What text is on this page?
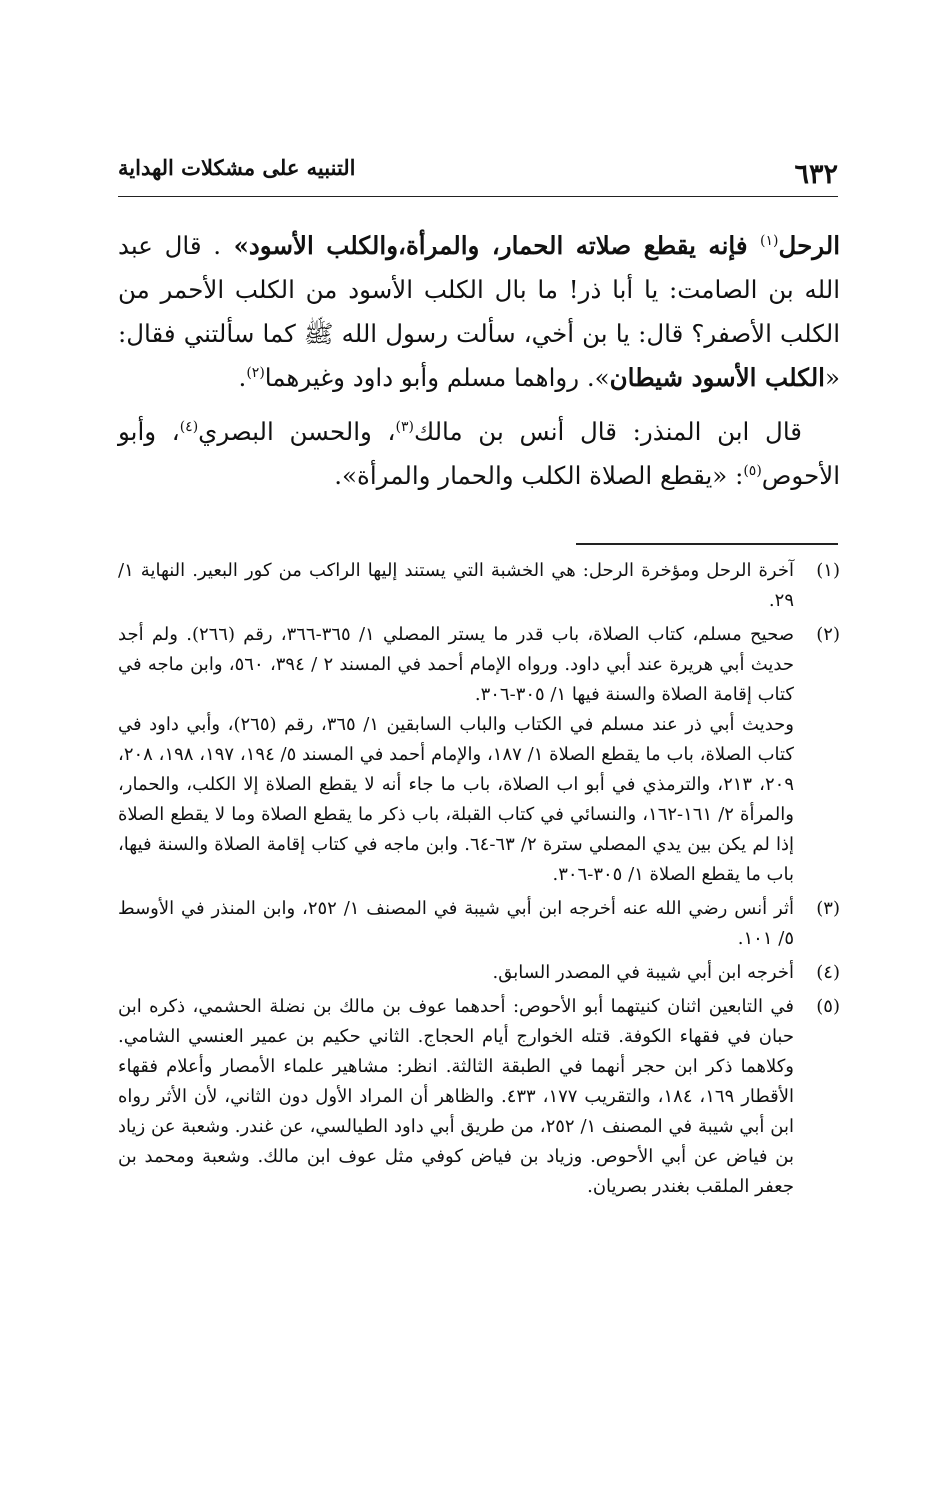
٦٣٢
التنبيه على مشكلات الهداية

الرحل$^{(١)}$ فإنه يقطع صلاته الحمار، والمرأة،والكلب الأسود» . قال عبد الله بن الصامت: يا أبا ذر! ما بال الكلب الأسود من الكلب الأحمر من الكلب الأصفر؟ قال: يا بن أخي، سألت رسول الله ﷺ كما سألتني فقال: «الكلب الأسود شيطان». رواهما مسلم وأبو داود وغيرهما$^{(٢)}$.

قال ابن المنذر: قال أنس بن مالك$^{(٣)}$، والحسن البصري$^{(٤)}$، وأبو الأحوص$^{(٥)}$: «يقطع الصلاة الكلب والحمار والمرأة».

(١)

آخرة الرحل ومؤخرة الرحل: هي الخشبة التي يستند إليها الراكب من كور البعير. النهاية ١/ ٢٩.

(٢)

صحيح مسلم، كتاب الصلاة، باب قدر ما يستر المصلي ١/ ٣٦٥-٣٦٦، رقم (٢٦٦). ولم أجد حديث أبي هريرة عند أبي داود. ورواه الإمام أحمد في المسند ٢ / ٣٩٤، ٥٦٠، وابن ماجه في كتاب إقامة الصلاة والسنة فيها ١/ ٣٠٥-٣٠٦.

وحديث أبي ذر عند مسلم في الكتاب والباب السابقين ١/ ٣٦٥، رقم (٢٦٥)، وأبي داود في كتاب الصلاة، باب ما يقطع الصلاة ١/ ١٨٧، والإمام أحمد في المسند ٥/ ١٩٤، ١٩٧، ١٩٨، ٢٠٨، ٢٠٩، ٢١٣، والترمذي في أبو اب الصلاة، باب ما جاء أنه لا يقطع الصلاة إلا الكلب، والحمار، والمرأة ٢/ ١٦١-١٦٢، والنسائي في كتاب القبلة، باب ذكر ما يقطع الصلاة وما لا يقطع الصلاة إذا لم يكن بين يدي المصلي سترة ٢/ ٦٣-٦٤. وابن ماجه في كتاب إقامة الصلاة والسنة فيها، باب ما يقطع الصلاة ١/ ٣٠٥-٣٠٦.

(٣)

أثر أنس رضي الله عنه أخرجه ابن أبي شيبة في المصنف ١/ ٢٥٢، وابن المنذر في الأوسط ٥/ ١٠١.

(٤)

أخرجه ابن أبي شيبة في المصدر السابق.

(٥)

في التابعين اثنان كنيتهما أبو الأحوص: أحدهما عوف بن مالك بن نضلة الحشمي، ذكره ابن حبان في فقهاء الكوفة. قتله الخوارج أيام الحجاج. الثاني حكيم بن عمير العنسي الشامي. وكلاهما ذكر ابن حجر أنهما في الطبقة الثالثة. انظر: مشاهير علماء الأمصار وأعلام فقهاء الأقطار ١٦٩، ١٨٤، والتقريب ١٧٧، ٤٣٣. والظاهر أن المراد الأول دون الثاني، لأن الأثر رواه ابن أبي شيبة في المصنف ١/ ٢٥٢، من طريق أبي داود الطيالسي، عن غندر. وشعبة عن زياد بن فياض عن أبي الأحوص. وزياد بن فياض كوفي مثل عوف ابن مالك. وشعبة ومحمد بن جعفر الملقب بغندر بصريان.
